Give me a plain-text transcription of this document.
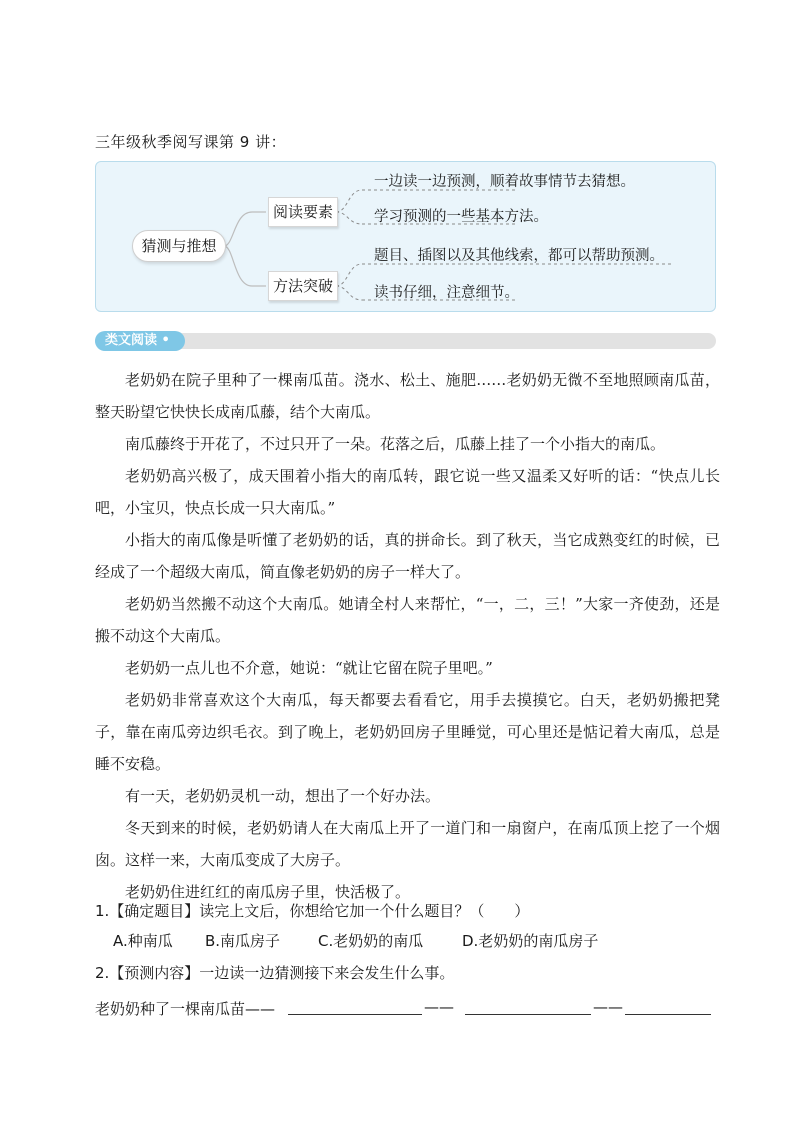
三年级秋季阅写课第 9 讲：
猜测与推想
阅读要素
方法突破
一边读一边预测，顺着故事情节去猜想。
学习预测的一些基本方法。
题目、插图以及其他线索，都可以帮助预测。
读书仔细，注意细节。
类文阅读 •

老奶奶在院子里种了一棵南瓜苗。浇水、松土、施肥……老奶奶无微不至地照顾南瓜苗，整天盼望它快快长成南瓜藤，结个大南瓜。

南瓜藤终于开花了，不过只开了一朵。花落之后，瓜藤上挂了一个小指大的南瓜。

老奶奶高兴极了，成天围着小指大的南瓜转，跟它说一些又温柔又好听的话：“快点儿长吧，小宝贝，快点长成一只大南瓜。”

小指大的南瓜像是听懂了老奶奶的话，真的拼命长。到了秋天，当它成熟变红的时候，已经成了一个超级大南瓜，简直像老奶奶的房子一样大了。

老奶奶当然搬不动这个大南瓜。她请全村人来帮忙，“一，二，三！”大家一齐使劲，还是搬不动这个大南瓜。

老奶奶一点儿也不介意，她说：“就让它留在院子里吧。”

老奶奶非常喜欢这个大南瓜，每天都要去看看它，用手去摸摸它。白天，老奶奶搬把凳子，靠在南瓜旁边织毛衣。到了晚上，老奶奶回房子里睡觉，可心里还是惦记着大南瓜，总是睡不安稳。

有一天，老奶奶灵机一动，想出了一个好办法。

冬天到来的时候，老奶奶请人在大南瓜上开了一道门和一扇窗户，在南瓜顶上挖了一个烟囱。这样一来，大南瓜变成了大房子。

老奶奶住进红红的南瓜房子里，快活极了。

1.【确定题目】读完上文后，你想给它加一个什么题目？（　　）
A.种南瓜 B.南瓜房子	C.老奶奶的南瓜	D.老奶奶的南瓜房子
2.【预测内容】一边读一边猜测接下来会发生什么事。
老奶奶种了一棵南瓜苗——	——	——
